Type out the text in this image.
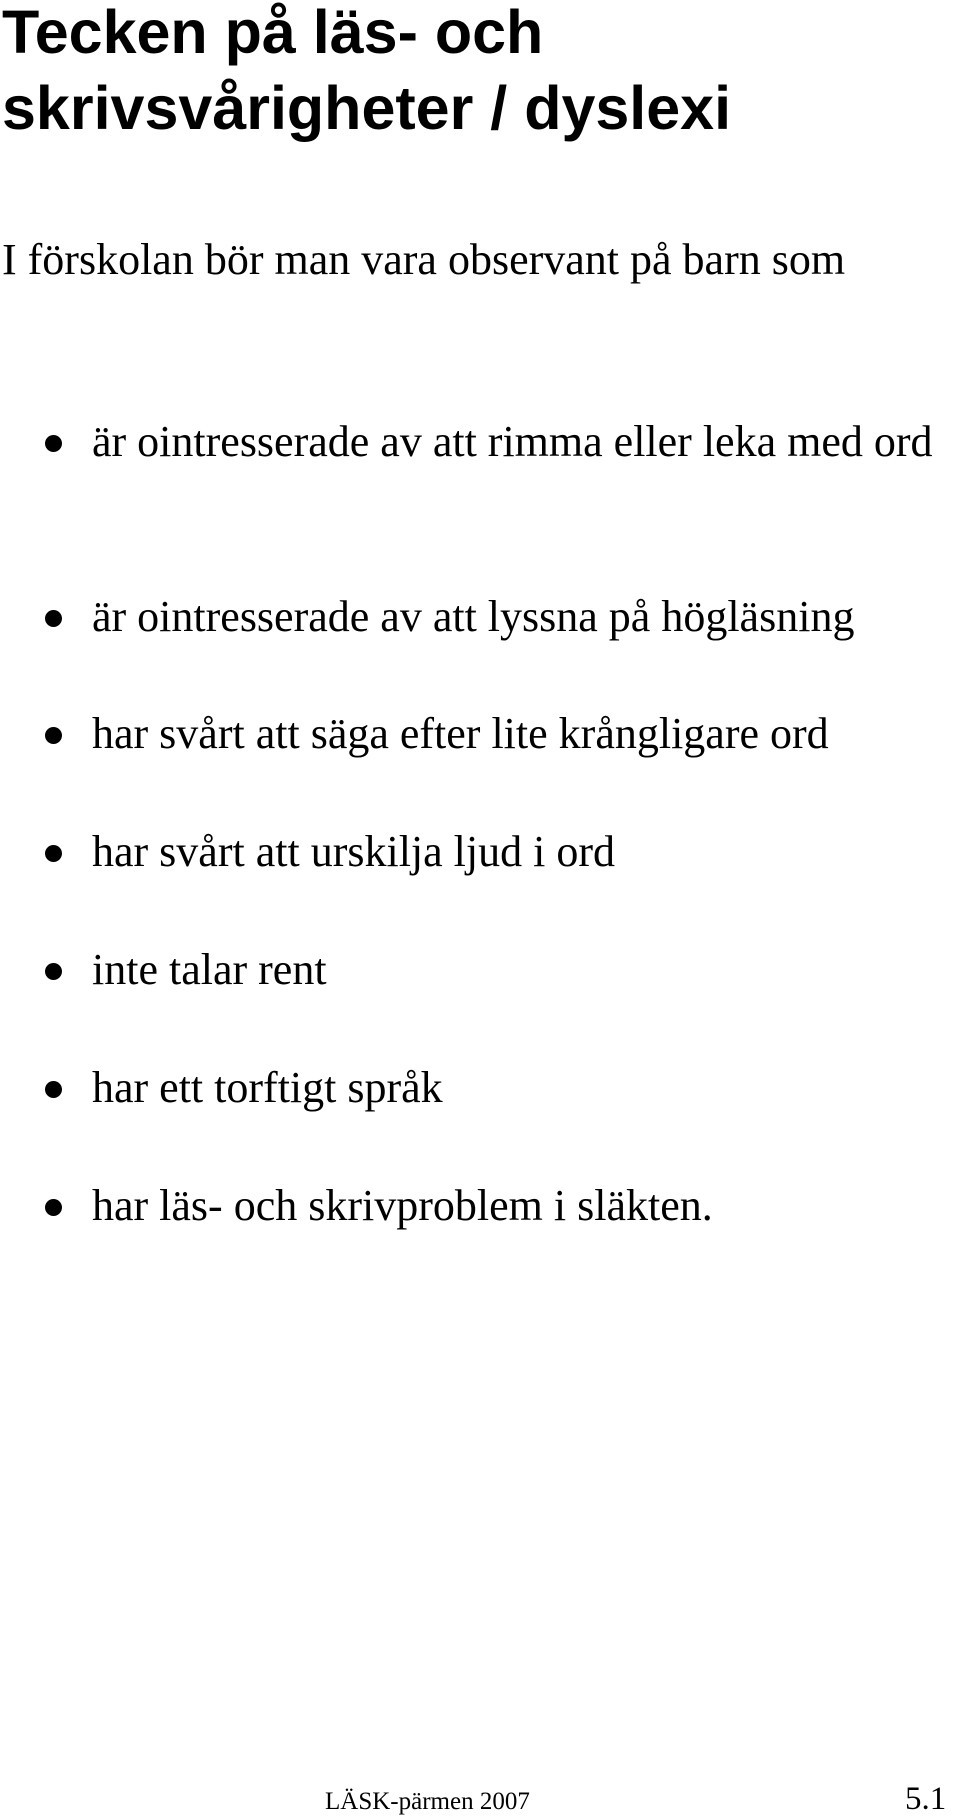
Tecken på läs- och skrivsvårigheter / dyslexi

I förskolan bör man vara observant på barn som

är ointresserade av att rimma eller leka med ord
är ointresserade av att lyssna på högläsning
har svårt att säga efter lite krångligare ord
har svårt att urskilja ljud i ord
inte talar rent
har ett torftigt språk
har läs- och skrivproblem i släkten.
LÄSK-pärmen 2007	5.1
